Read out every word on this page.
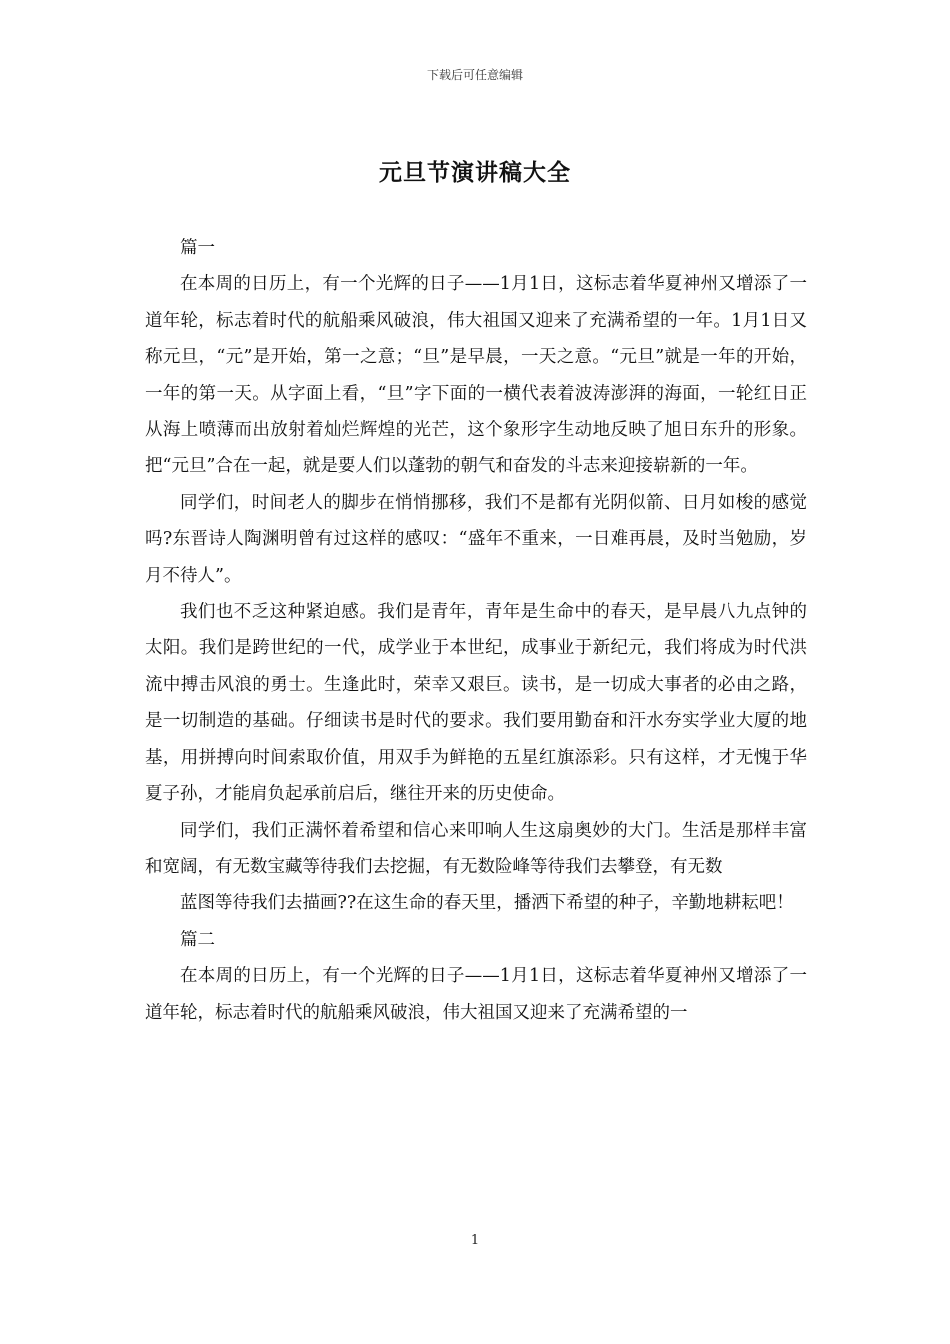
下载后可任意编辑
元旦节演讲稿大全

篇一

在本周的日历上，有一个光辉的日子——1月1日，这标志着华夏神州又增添了一道年轮，标志着时代的航船乘风破浪，伟大祖国又迎来了充满希望的一年。1月1日又称元旦，“元”是开始，第一之意；“旦”是早晨，一天之意。“元旦”就是一年的开始，一年的第一天。从字面上看，“旦”字下面的一横代表着波涛澎湃的海面，一轮红日正从海上喷薄而出放射着灿烂辉煌的光芒，这个象形字生动地反映了旭日东升的形象。把“元旦”合在一起，就是要人们以蓬勃的朝气和奋发的斗志来迎接崭新的一年。

同学们，时间老人的脚步在悄悄挪移，我们不是都有光阴似箭、日月如梭的感觉吗?东晋诗人陶渊明曾有过这样的感叹：“盛年不重来，一日难再晨，及时当勉励，岁月不待人”。

我们也不乏这种紧迫感。我们是青年，青年是生命中的春天，是早晨八九点钟的太阳。我们是跨世纪的一代，成学业于本世纪，成事业于新纪元，我们将成为时代洪流中搏击风浪的勇士。生逢此时，荣幸又艰巨。读书，是一切成大事者的必由之路，是一切制造的基础。仔细读书是时代的要求。我们要用勤奋和汗水夯实学业大厦的地基，用拼搏向时间索取价值，用双手为鲜艳的五星红旗添彩。只有这样，才无愧于华夏子孙，才能肩负起承前启后，继往开来的历史使命。

同学们，我们正满怀着希望和信心来叩响人生这扇奥妙的大门。生活是那样丰富和宽阔，有无数宝藏等待我们去挖掘，有无数险峰等待我们去攀登，有无数

蓝图等待我们去描画??在这生命的春天里，播洒下希望的种子，辛勤地耕耘吧！

篇二

在本周的日历上，有一个光辉的日子——1月1日，这标志着华夏神州又增添了一道年轮，标志着时代的航船乘风破浪，伟大祖国又迎来了充满希望的一

1
